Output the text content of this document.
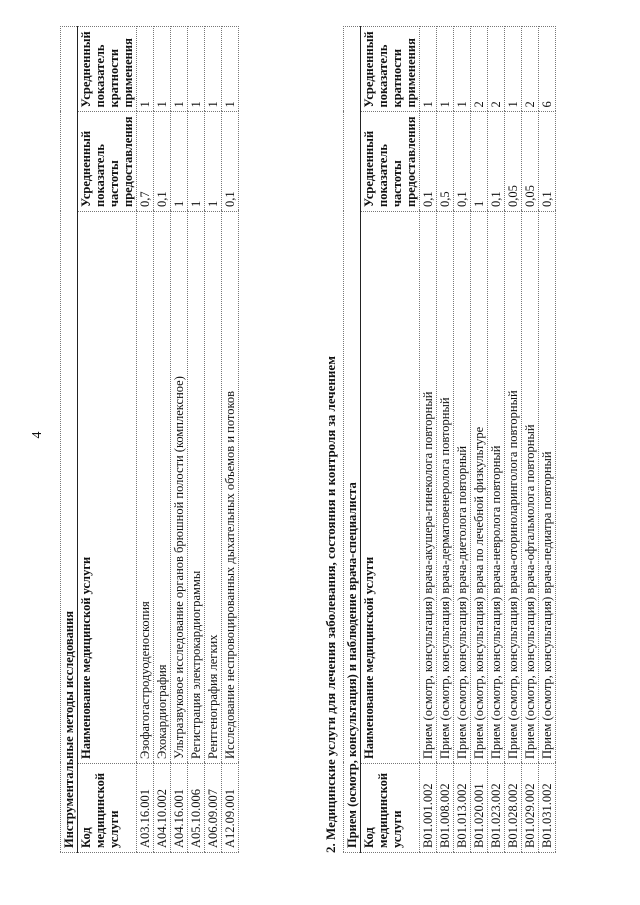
4
Инструментальные методы исследования			
Код медицинской услуги	Наименование медицинской услуги	Усредненный показатель частоты предоставления	Усредненный показатель кратности применения
A03.16.001	Эзофагогастродуоденоскопия	0,7	1
A04.10.002	Эхокардиография	0,1	1
A04.16.001	Ультразвуковое исследование органов брюшной полости (комплексное)	1	1
A05.10.006	Регистрация электрокардиограммы	1	1
A06.09.007	Рентгенография легких	1	1
A12.09.001	Исследование неспровоцированных дыхательных объемов и потоков	0,1	1
2. Медицинские услуги для лечения заболевания, состояния и контроля за лечением Прием (осмотр, консультация) и наблюдение врача-специалиста			
Код медицинской услуги	Наименование медицинской услуги	Усредненный показатель частоты предоставления	Усредненный показатель кратности применения
B01.001.002	Прием (осмотр, консультация) врача-акушера-гинеколога повторный	0,1	1
B01.008.002	Прием (осмотр, консультация) врача-дерматовенеролога повторный	0,5	1
B01.013.002	Прием (осмотр, консультация) врача-диетолога повторный	0,1	1
B01.020.001	Прием (осмотр, консультация) врача по лечебной физкультуре	1	2
B01.023.002	Прием (осмотр, консультация) врача-невролога повторный	0,1	2
B01.028.002	Прием (осмотр, консультация) врача-оториноларинголога повторный	0,05	1
B01.029.002	Прием (осмотр, консультация) врача-офтальмолога повторный	0,05	2
B01.031.002	Прием (осмотр, консультация) врача-педиатра повторный	0,1	6
